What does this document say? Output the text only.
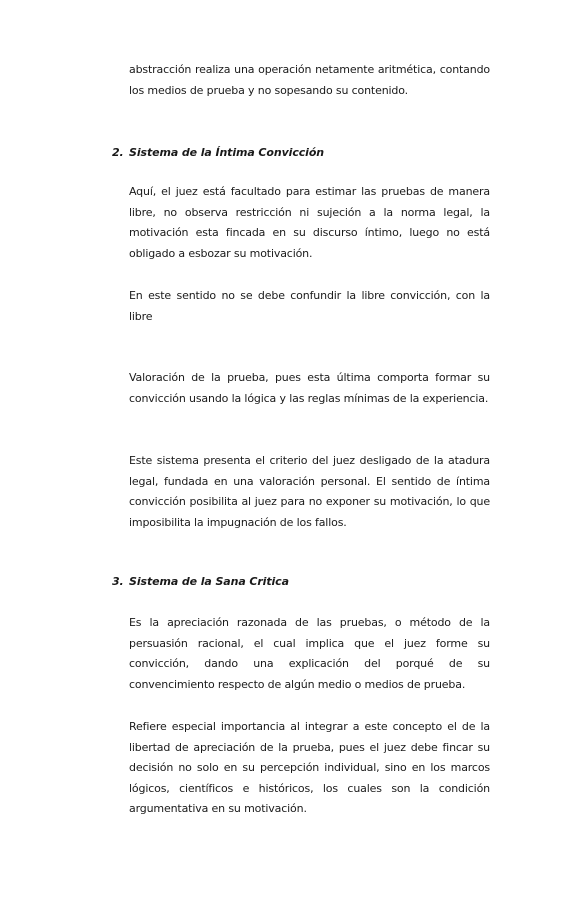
abstracción realiza una operación netamente aritmética, contando los medios de prueba y no sopesando su contenido.
2. Sistema de la Íntima Convicción
Aquí, el juez está facultado para estimar las pruebas de manera libre, no observa restricción ni sujeción a la norma legal, la motivación esta fincada en su discurso íntimo, luego no está obligado a esbozar su motivación.
En este sentido no se debe confundir la libre convicción, con la libre
Valoración de la prueba, pues esta última comporta formar su convicción usando la lógica y las reglas mínimas de la experiencia.
Este sistema presenta el criterio del juez desligado de la atadura legal, fundada en una valoración personal. El sentido de íntima convicción posibilita al juez para no exponer su motivación, lo que imposibilita la impugnación de los fallos.
3. Sistema de la Sana Critica
Es la apreciación razonada de las pruebas, o método de la persuasión racional, el cual implica que el juez forme su convicción, dando una explicación del porqué de su convencimiento respecto de algún medio o medios de prueba.
Refiere especial importancia al integrar a este concepto el de la libertad de apreciación de la prueba, pues el juez debe fincar su decisión no solo en su percepción individual, sino en los marcos lógicos, científicos e históricos, los cuales son la condición argumentativa en su motivación.
